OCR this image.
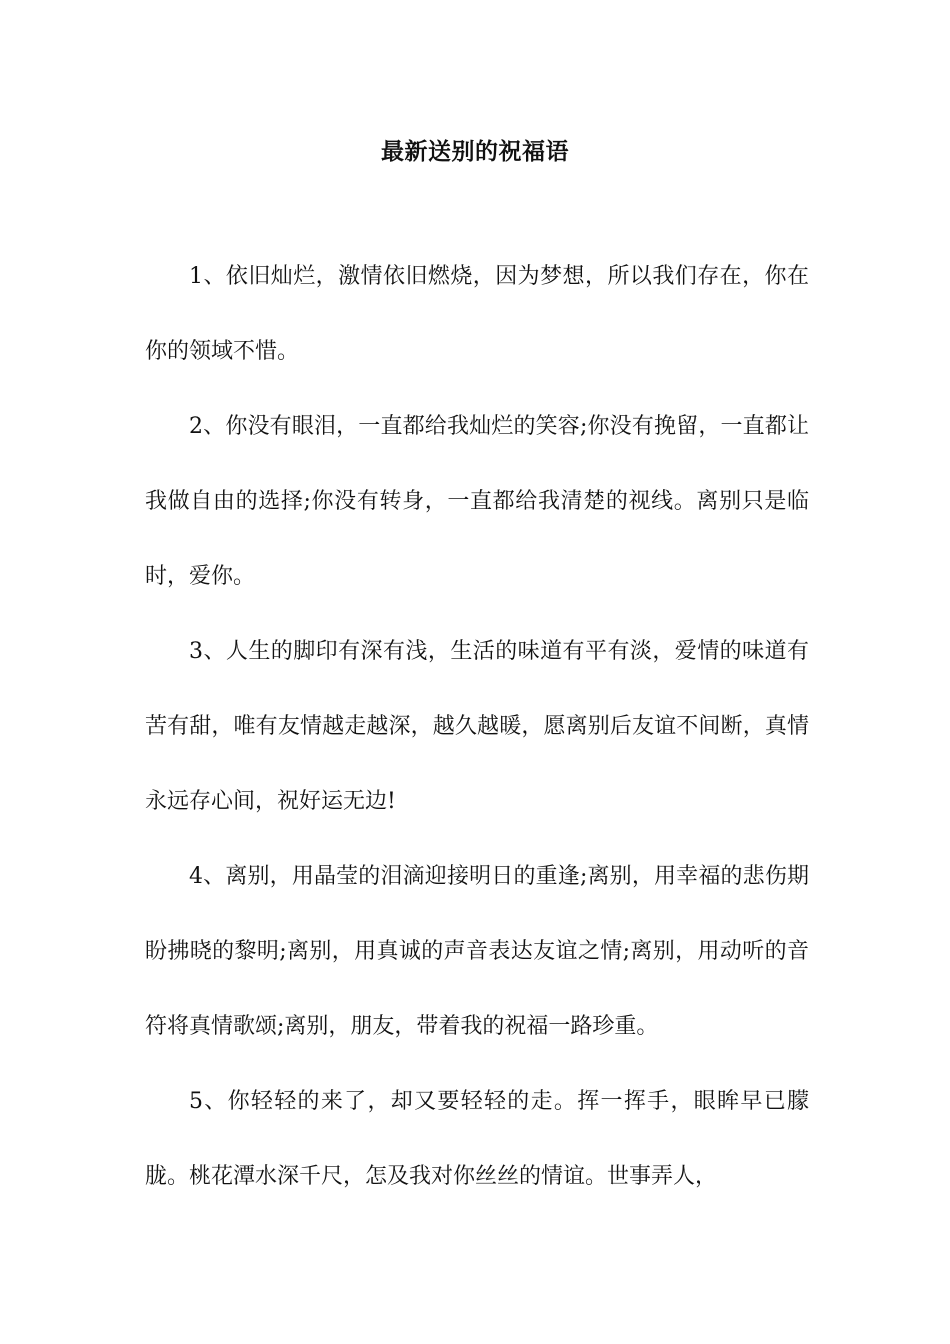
最新送别的祝福语

1、依旧灿烂，激情依旧燃烧，因为梦想，所以我们存在，你在你的领域不惜。

2、你没有眼泪，一直都给我灿烂的笑容;你没有挽留，一直都让我做自由的选择;你没有转身，一直都给我清楚的视线。离别只是临时，爱你。

3、人生的脚印有深有浅，生活的味道有平有淡，爱情的味道有苦有甜，唯有友情越走越深，越久越暖，愿离别后友谊不间断，真情永远存心间，祝好运无边!

4、离别，用晶莹的泪滴迎接明日的重逢;离别，用幸福的悲伤期盼拂晓的黎明;离别，用真诚的声音表达友谊之情;离别，用动听的音符将真情歌颂;离别，朋友，带着我的祝福一路珍重。

5、你轻轻的来了，却又要轻轻的走。挥一挥手，眼眸早已朦胧。桃花潭水深千尺，怎及我对你丝丝的情谊。世事弄人，
